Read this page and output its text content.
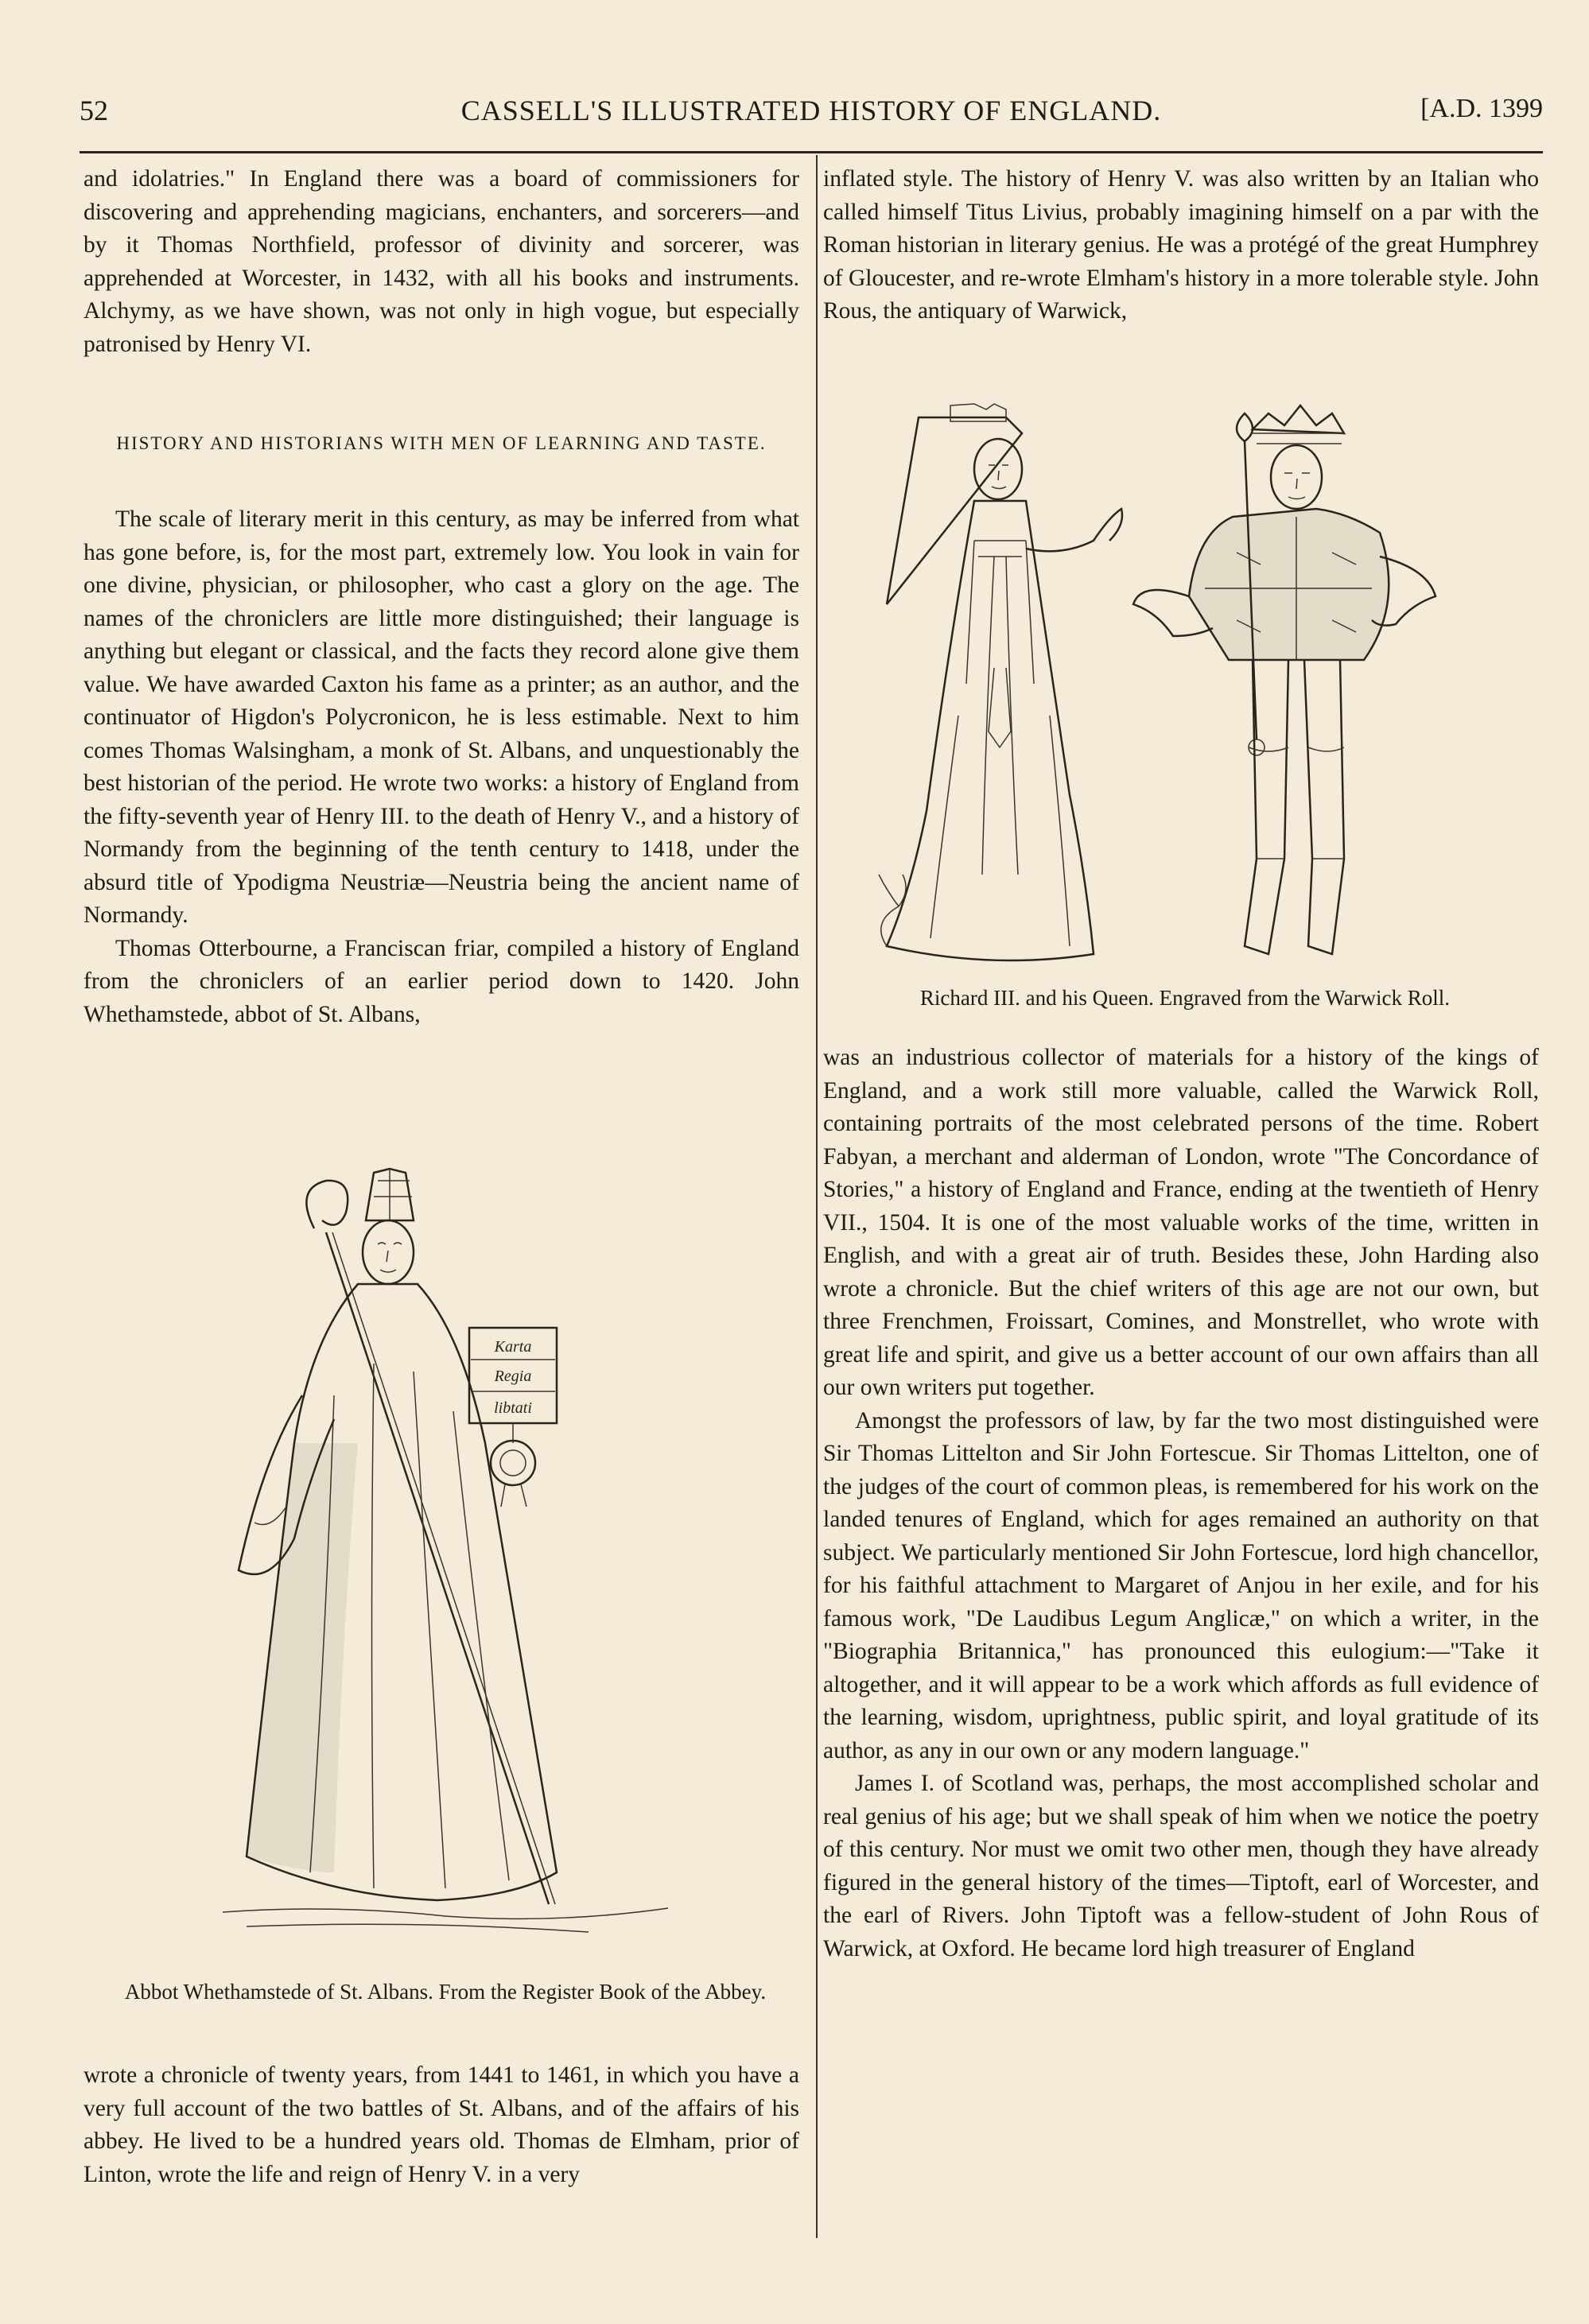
52	CASSELL'S ILLUSTRATED HISTORY OF ENGLAND.	[A.D. 1399

and idolatries." In England there was a board of commissioners for discovering and apprehending magicians, enchanters, and sorcerers—and by it Thomas Northfield, professor of divinity and sorcerer, was apprehended at Worcester, in 1432, with all his books and instruments. Alchymy, as we have shown, was not only in high vogue, but especially patronised by Henry VI.

HISTORY AND HISTORIANS WITH MEN OF LEARNING AND TASTE.

The scale of literary merit in this century, as may be inferred from what has gone before, is, for the most part, extremely low. You look in vain for one divine, physician, or philosopher, who cast a glory on the age. The names of the chroniclers are little more distinguished; their language is anything but elegant or classical, and the facts they record alone give them value. We have awarded Caxton his fame as a printer; as an author, and the continuator of Higdon's Polycronicon, he is less estimable. Next to him comes Thomas Walsingham, a monk of St. Albans, and unquestionably the best historian of the period. He wrote two works: a history of England from the fifty-seventh year of Henry III. to the death of Henry V., and a history of Normandy from the beginning of the tenth century to 1418, under the absurd title of Ypodigma Neustriæ—Neustria being the ancient name of Normandy.

Thomas Otterbourne, a Franciscan friar, compiled a history of England from the chroniclers of an earlier period down to 1420. John Whethamstede, abbot of St. Albans,

Karta
Regia
libtati
Abbot Whethamstede of St. Albans. From the Register Book of the Abbey.

wrote a chronicle of twenty years, from 1441 to 1461, in which you have a very full account of the two battles of St. Albans, and of the affairs of his abbey. He lived to be a hundred years old. Thomas de Elmham, prior of Linton, wrote the life and reign of Henry V. in a very

inflated style. The history of Henry V. was also written by an Italian who called himself Titus Livius, probably imagining himself on a par with the Roman historian in literary genius. He was a protégé of the great Humphrey of Gloucester, and re-wrote Elmham's history in a more tolerable style. John Rous, the antiquary of Warwick,

Richard III. and his Queen. Engraved from the Warwick Roll.

was an industrious collector of materials for a history of the kings of England, and a work still more valuable, called the Warwick Roll, containing portraits of the most celebrated persons of the time. Robert Fabyan, a merchant and alderman of London, wrote "The Concordance of Stories," a history of England and France, ending at the twentieth of Henry VII., 1504. It is one of the most valuable works of the time, written in English, and with a great air of truth. Besides these, John Harding also wrote a chronicle. But the chief writers of this age are not our own, but three Frenchmen, Froissart, Comines, and Monstrellet, who wrote with great life and spirit, and give us a better account of our own affairs than all our own writers put together.

Amongst the professors of law, by far the two most distinguished were Sir Thomas Littelton and Sir John Fortescue. Sir Thomas Littelton, one of the judges of the court of common pleas, is remembered for his work on the landed tenures of England, which for ages remained an authority on that subject. We particularly mentioned Sir John Fortescue, lord high chancellor, for his faithful attachment to Margaret of Anjou in her exile, and for his famous work, "De Laudibus Legum Anglicæ," on which a writer, in the "Biographia Britannica," has pronounced this eulogium:—"Take it altogether, and it will appear to be a work which affords as full evidence of the learning, wisdom, uprightness, public spirit, and loyal gratitude of its author, as any in our own or any modern language."

James I. of Scotland was, perhaps, the most accomplished scholar and real genius of his age; but we shall speak of him when we notice the poetry of this century. Nor must we omit two other men, though they have already figured in the general history of the times—Tiptoft, earl of Worcester, and the earl of Rivers. John Tiptoft was a fellow-student of John Rous of Warwick, at Oxford. He became lord high treasurer of England
